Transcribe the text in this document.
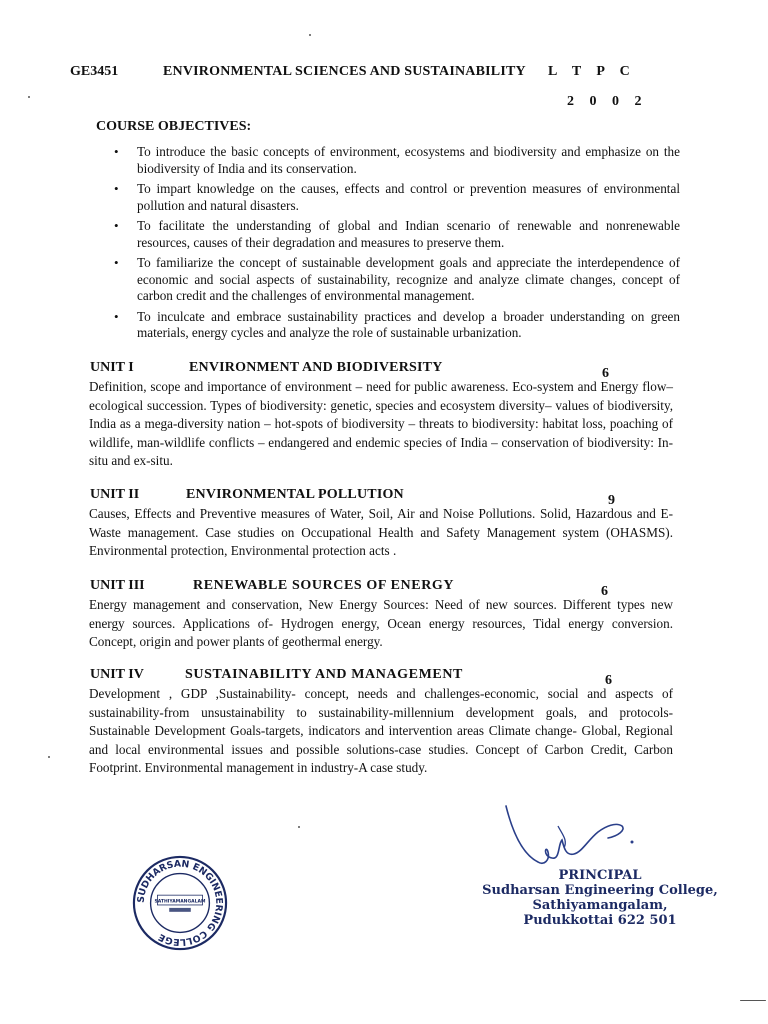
GE3451	ENVIRONMENTAL SCIENCES AND SUSTAINABILITY L T P C
2 0 0 2
COURSE OBJECTIVES:
• To introduce the basic concepts of environment, ecosystems and biodiversity and emphasize on the biodiversity of India and its conservation.
• To impart knowledge on the causes, effects and control or prevention measures of environmental pollution and natural disasters.
• To facilitate the understanding of global and Indian scenario of renewable and nonrenewable resources, causes of their degradation and measures to preserve them.
• To familiarize the concept of sustainable development goals and appreciate the interdependence of economic and social aspects of sustainability, recognize and analyze climate changes, concept of carbon credit and the challenges of environmental management.
• To inculcate and embrace sustainability practices and develop a broader understanding on green materials, energy cycles and analyze the role of sustainable urbanization.
UNIT I	ENVIRONMENT AND BIODIVERSITY	6

Definition, scope and importance of environment – need for public awareness. Eco-system and Energy flow– ecological succession. Types of biodiversity: genetic, species and ecosystem diversity– values of biodiversity, India as a mega-diversity nation – hot-spots of biodiversity – threats to biodiversity: habitat loss, poaching of wildlife, man-wildlife conflicts – endangered and endemic species of India – conservation of biodiversity: In-situ and ex-situ.

UNIT II	ENVIRONMENTAL POLLUTION	9

Causes, Effects and Preventive measures of Water, Soil, Air and Noise Pollutions. Solid, Hazardous and E-Waste management. Case studies on Occupational Health and Safety Management system (OHASMS). Environmental protection, Environmental protection acts .

UNIT III	RENEWABLE SOURCES OF ENERGY	6

Energy management and conservation, New Energy Sources: Need of new sources. Different types new energy sources. Applications of- Hydrogen energy, Ocean energy resources, Tidal energy conversion. Concept, origin and power plants of geothermal energy.

UNIT IV	SUSTAINABILITY AND MANAGEMENT	6

Development , GDP ,Sustainability- concept, needs and challenges-economic, social and aspects of sustainability-from unsustainability to sustainability-millennium development goals, and protocols- Sustainable Development Goals-targets, indicators and intervention areas Climate change- Global, Regional and local environmental issues and possible solutions-case studies. Concept of Carbon Credit, Carbon Footprint. Environmental management in industry-A case study.

PRINCIPAL
Sudharsan Engineering College,
Sathiyamangalam,
Pudukkottai 622 501
SUDHARSAN ENGINEERING COLLEGE
SATHIYAMANGALAM
